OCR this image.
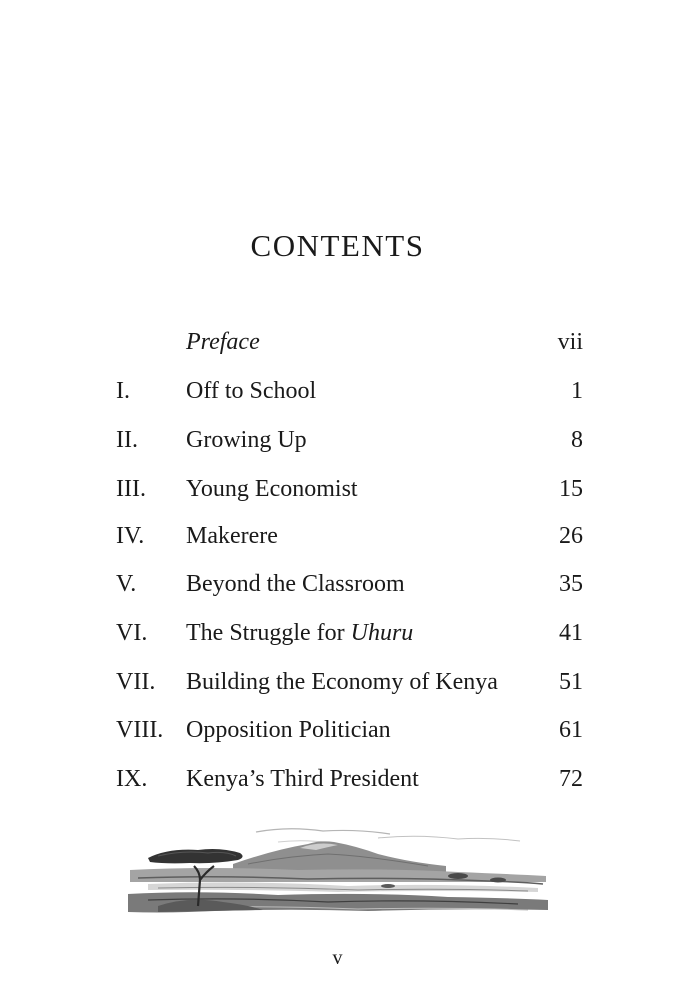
CONTENTS
Preface	vii
I. Off to School	1
II. Growing Up	8
III. Young Economist	15
IV. Makerere	26
V. Beyond the Classroom	35
VI. The Struggle for Uhuru	41
VII. Building the Economy of Kenya	51
VIII. Opposition Politician	61
IX. Kenya’s Third President	72
v
